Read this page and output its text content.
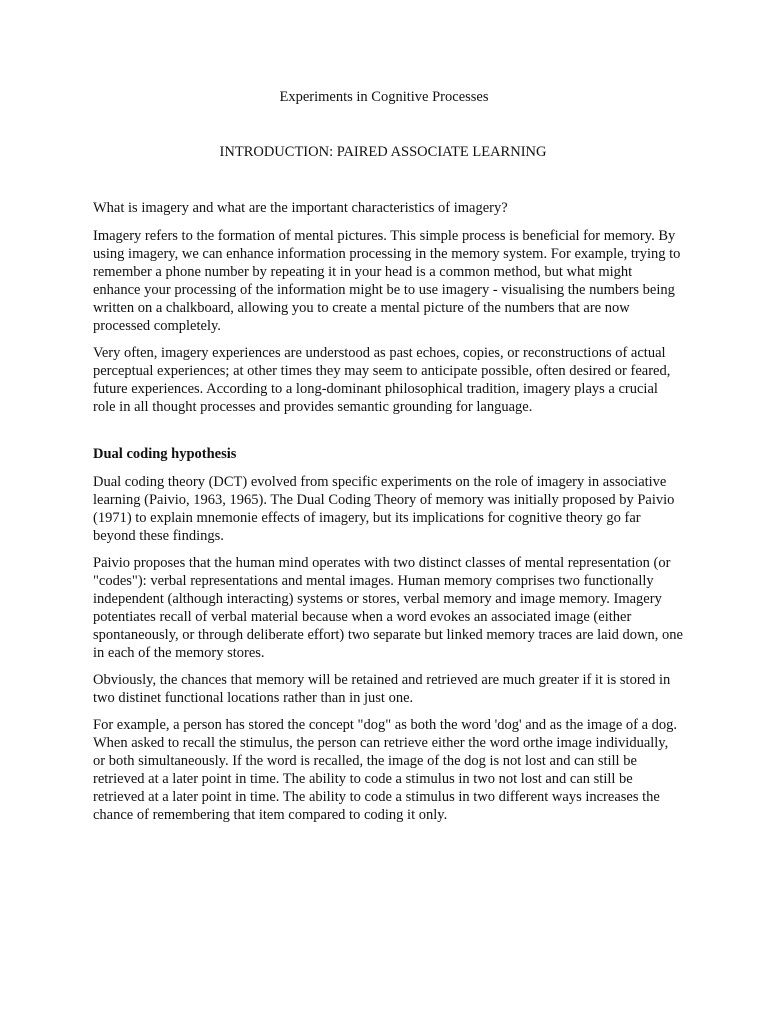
Experiments in Cognitive Processes
INTRODUCTION: PAIRED ASSOCIATE LEARNING

What is imagery and what are the important characteristics of imagery?

Imagery refers to the formation of mental pictures. This simple process is beneficial for memory. By using imagery, we can enhance information processing in the memory system. For example, trying to remember a phone number by repeating it in your head is a common method, but what might enhance your processing of the information might be to use imagery - visualising the numbers being written on a chalkboard, allowing you to create a mental picture of the numbers that are now processed completely.

Very often, imagery experiences are understood as past echoes, copies, or reconstructions of actual perceptual experiences; at other times they may seem to anticipate possible, often desired or feared, future experiences. According to a long-dominant philosophical tradition, imagery plays a crucial role in all thought processes and provides semantic grounding for language.

Dual coding hypothesis

Dual coding theory (DCT) evolved from specific experiments on the role of imagery in associative learning (Paivio, 1963, 1965). The Dual Coding Theory of memory was initially proposed by Paivio (1971) to explain mnemonie effects of imagery, but its implications for cognitive theory go far beyond these findings.

Paivio proposes that the human mind operates with two distinct classes of mental representation (or "codes"): verbal representations and mental images. Human memory comprises two functionally independent (although interacting) systems or stores, verbal memory and image memory. Imagery potentiates recall of verbal material because when a word evokes an associated image (either spontaneously, or through deliberate effort) two separate but linked memory traces are laid down, one in each of the memory stores.

Obviously, the chances that memory will be retained and retrieved are much greater if it is stored in two distinet functional locations rather than in just one.

For example, a person has stored the concept "dog" as both the word 'dog' and as the image of a dog. When asked to recall the stimulus, the person can retrieve either the word orthe image individually, or both simultaneously. If the word is recalled, the image of the dog is not lost and can still be retrieved at a later point in time. The ability to code a stimulus in two not lost and can still be retrieved at a later point in time. The ability to code a stimulus in two different ways increases the chance of remembering that item compared to coding it only.
